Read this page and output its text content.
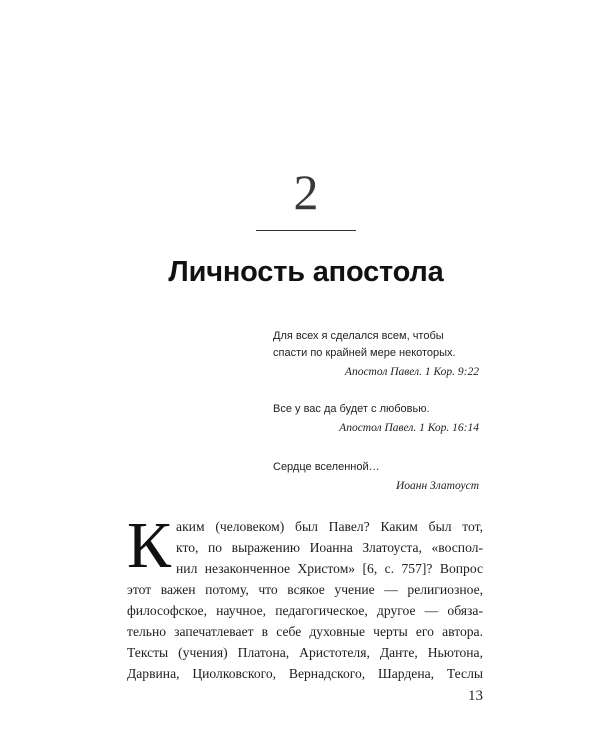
2
Личность апостола

Для всех я сделался всем, чтобы

спасти по крайней мере некоторых.

Апостол Павел. 1 Кор. 9:22

Все у вас да будет с любовью.

Апостол Павел. 1 Кор. 16:14

Сердце вселенной…

Иоанн Златоуст

К аким (человеком) был Павел? Каким был тот,
кто, по выражению Иоанна Златоуста, «воспол-
нил незаконченное Христом» [6, с. 757]? Вопрос
этот важен потому, что всякое учение — религиозное,
философское, научное, педагогическое, другое — обяза-
тельно запечатлевает в себе духовные черты его автора.
Тексты (учения) Платона, Аристотеля, Данте, Ньютона,
Дарвина, Циолковского, Вернадского, Шардена, Теслы
13
